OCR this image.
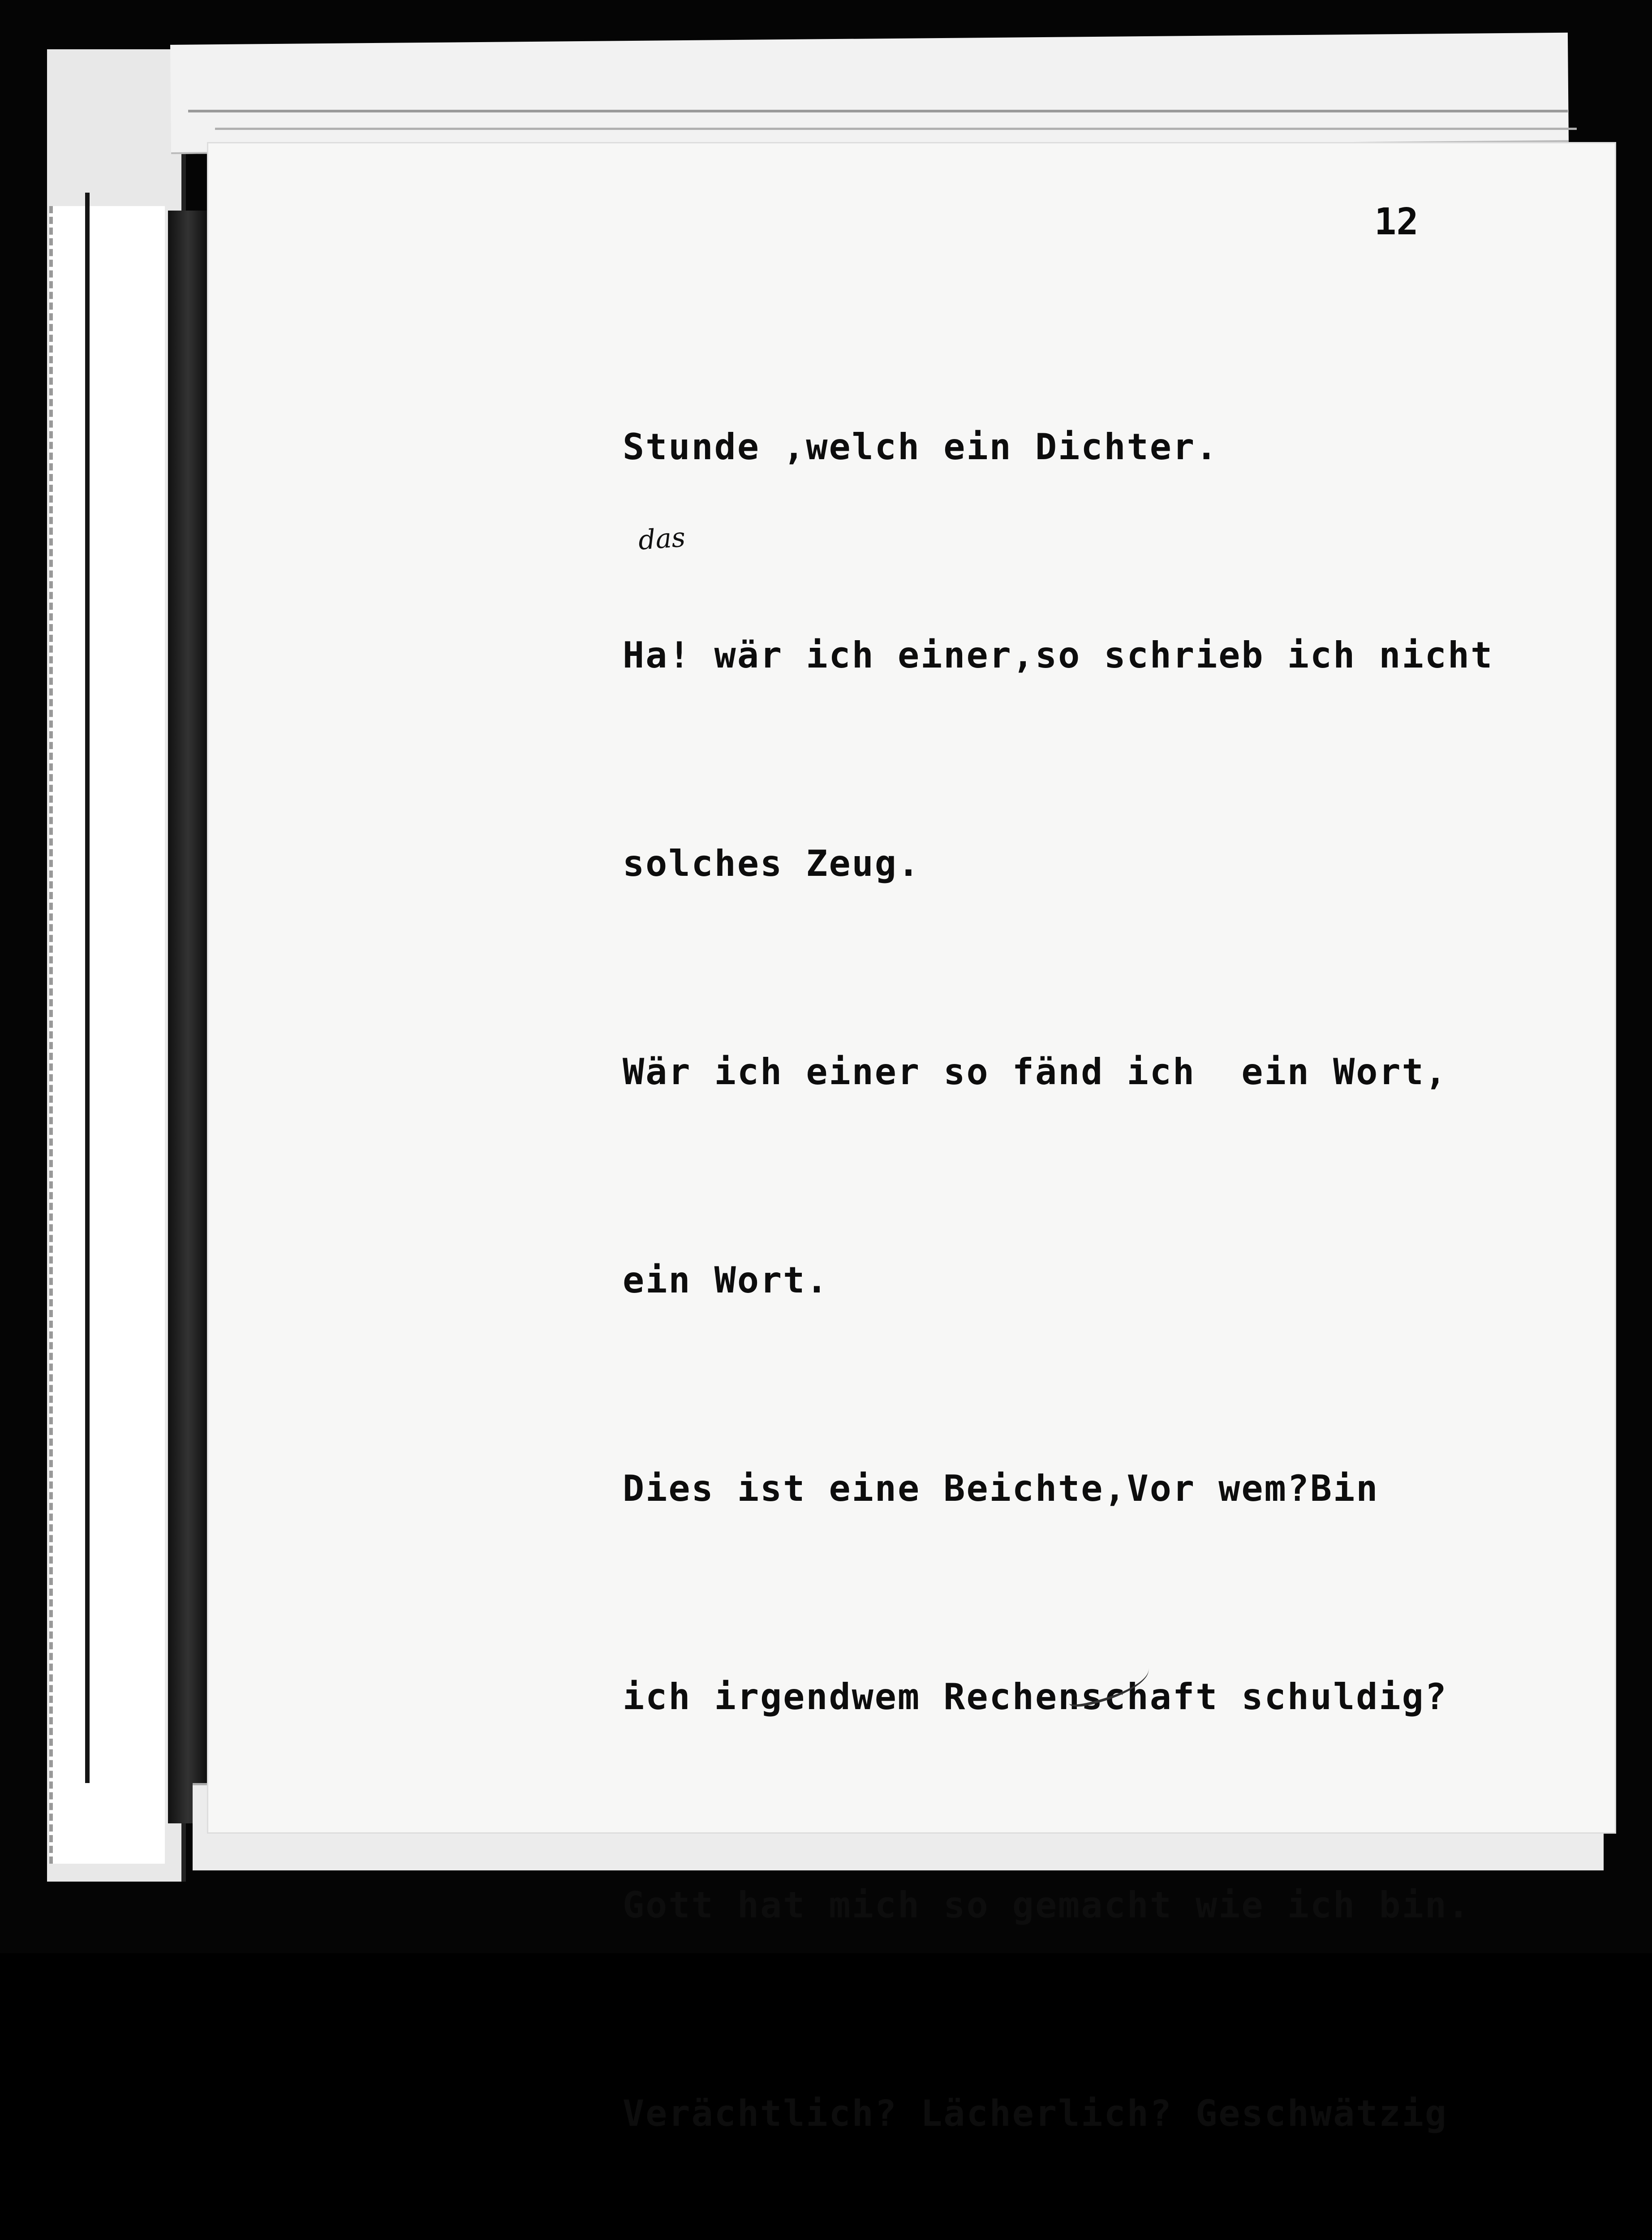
12

Stunde ,welch ein Dichter.

Ha! wär ich einer,so schrieb ich nicht

solches Zeug.

Wär ich einer so fänd ich  ein Wort,

ein Wort.

Dies ist eine Beichte,Vor wem?Bin

ich irgendwem Rechenschaft schuldig?

Gott hat mich so gemacht wie ich bin.

Verächtlich? Lächerlich? Geschwätzig

das
